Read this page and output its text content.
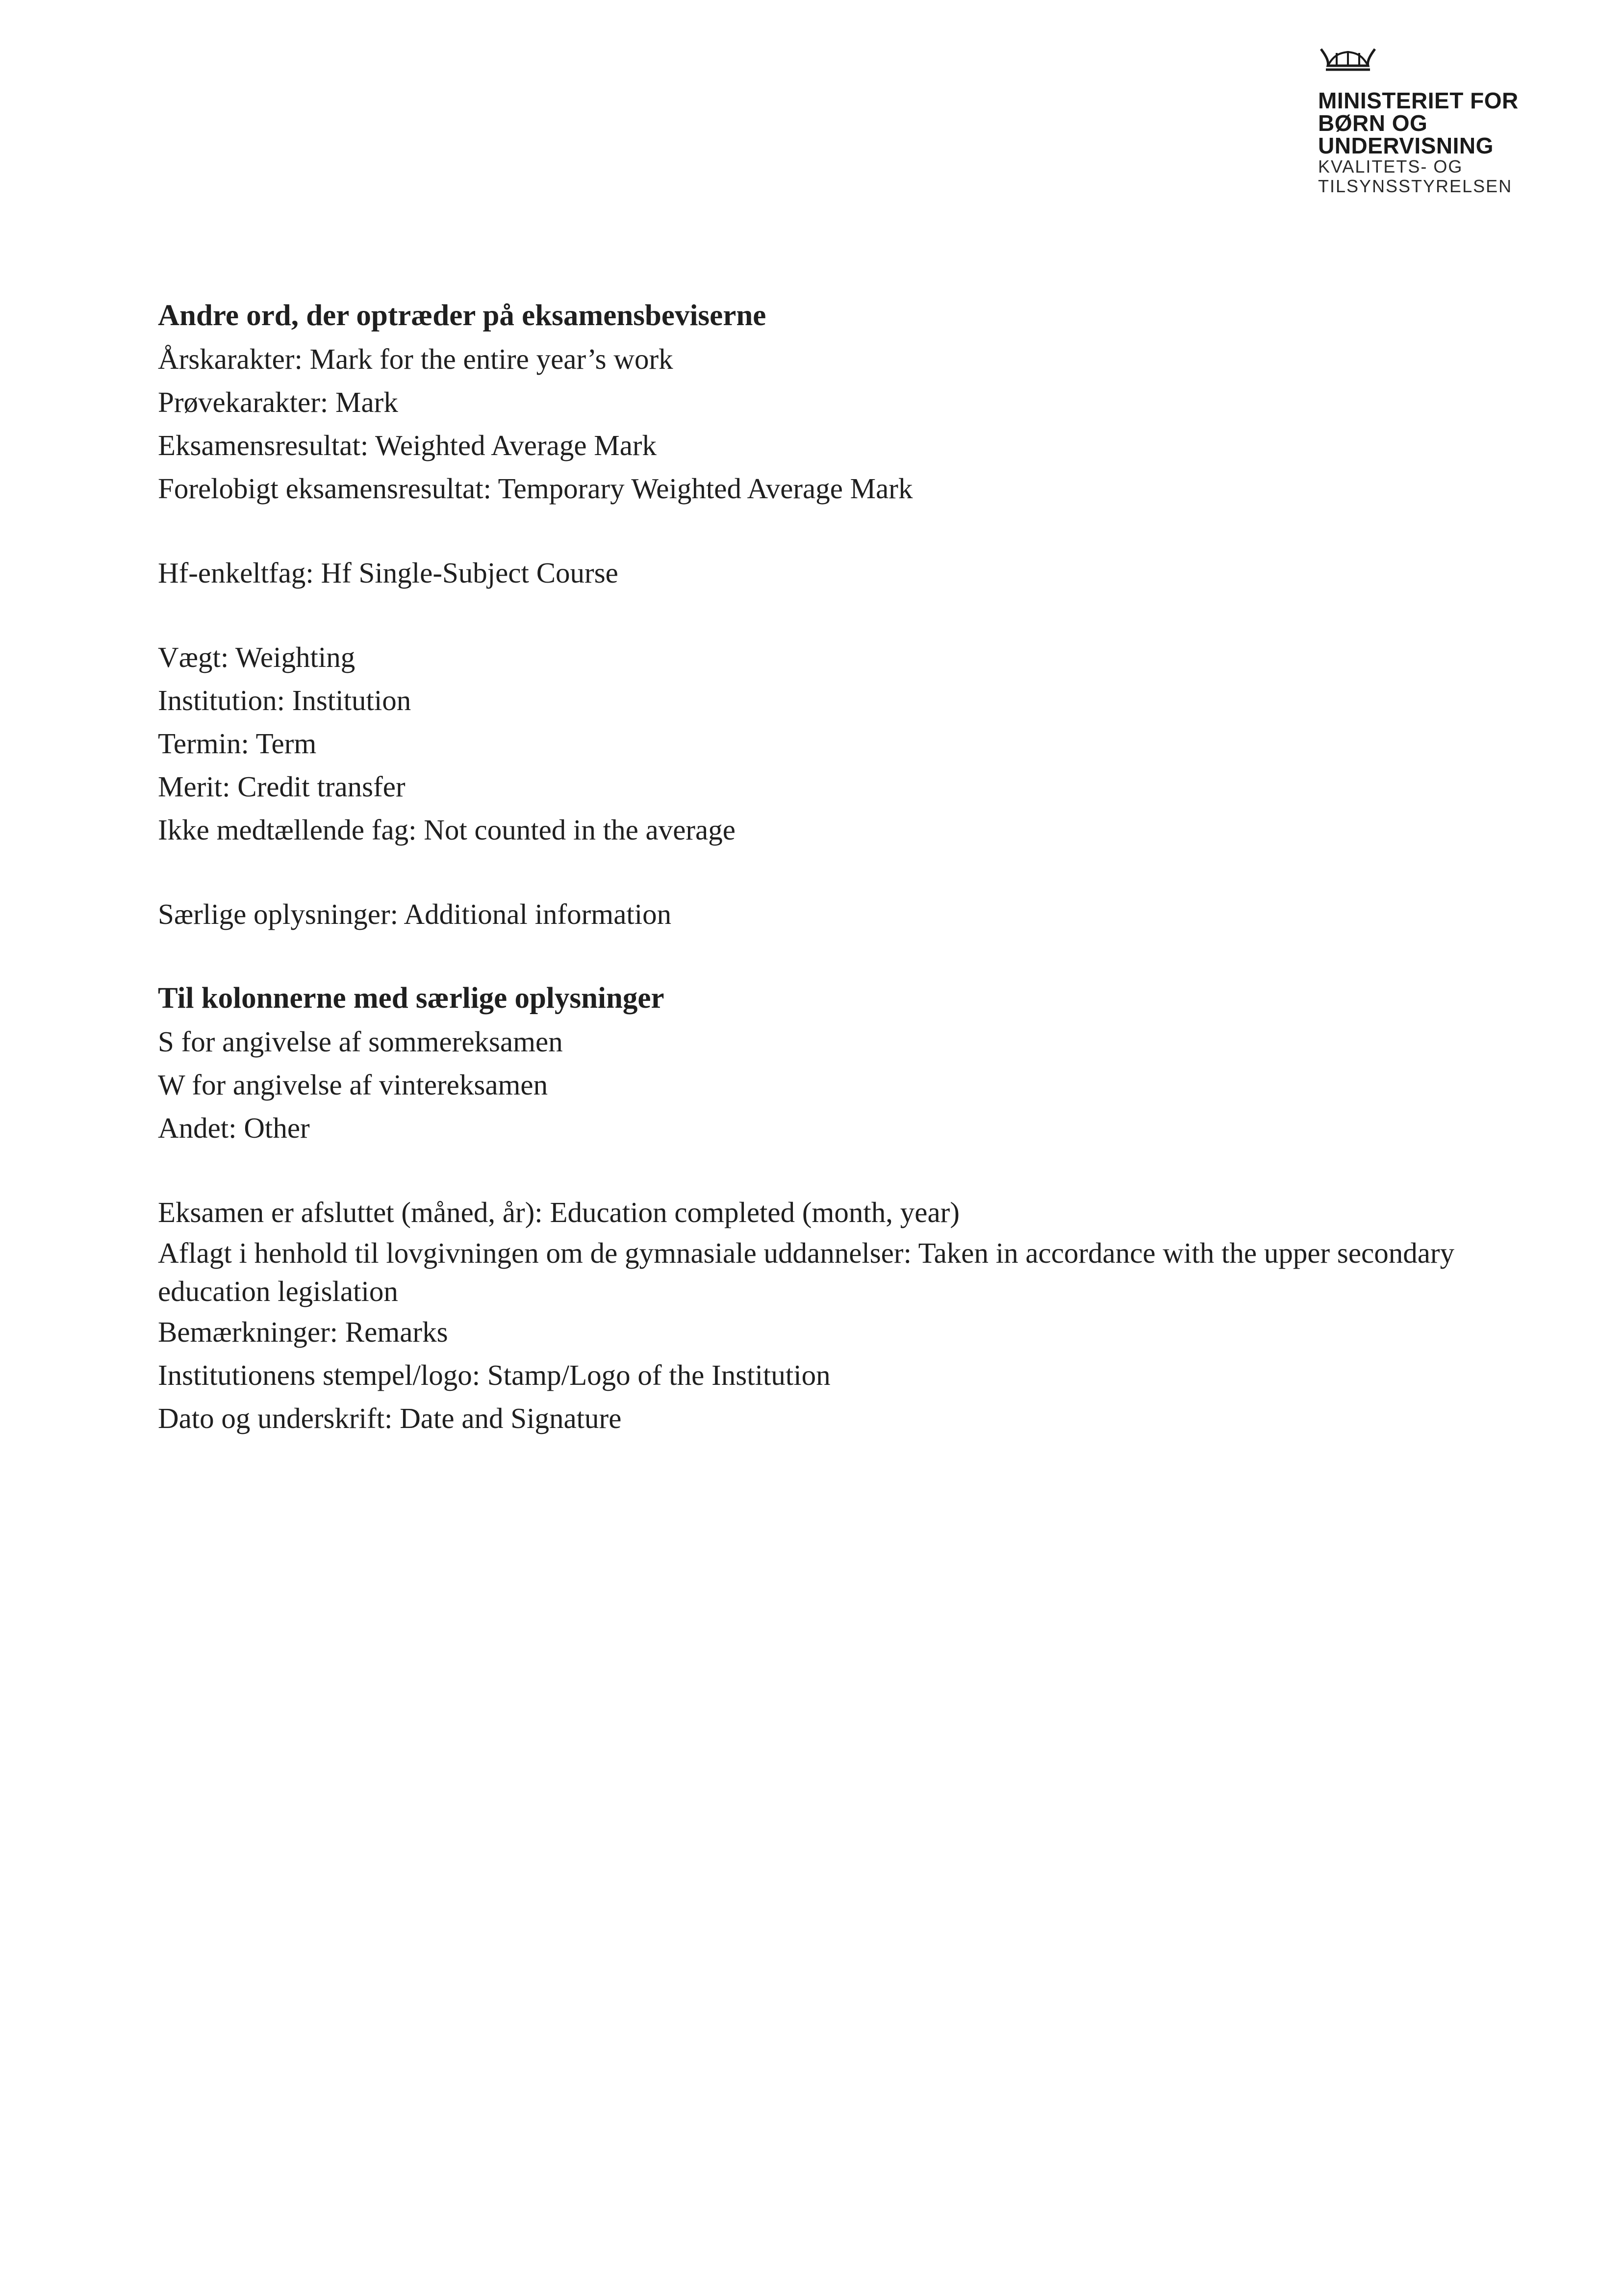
MINISTERIET FOR
BØRN OG
UNDERVISNING
KVALITETS- OG
TILSYNSSTYRELSEN
Andre ord, der optræder på eksamensbeviserne
Årskarakter: Mark for the entire year’s work
Prøvekarakter: Mark
Eksamensresultat: Weighted Average Mark
Forelobigt eksamensresultat: Temporary Weighted Average Mark
Hf-enkeltfag: Hf Single-Subject Course
Vægt: Weighting
Institution: Institution
Termin: Term
Merit: Credit transfer
Ikke medtællende fag: Not counted in the average
Særlige oplysninger: Additional information
Til kolonnerne med særlige oplysninger
S for angivelse af sommereksamen
W for angivelse af vintereksamen
Andet: Other
Eksamen er afsluttet (måned, år): Education completed (month, year)
Aflagt i henhold til lovgivningen om de gymnasiale uddannelser: Taken in accordance with the upper secondary education legislation
Bemærkninger: Remarks
Institutionens stempel/logo: Stamp/Logo of the Institution
Dato og underskrift: Date and Signature
